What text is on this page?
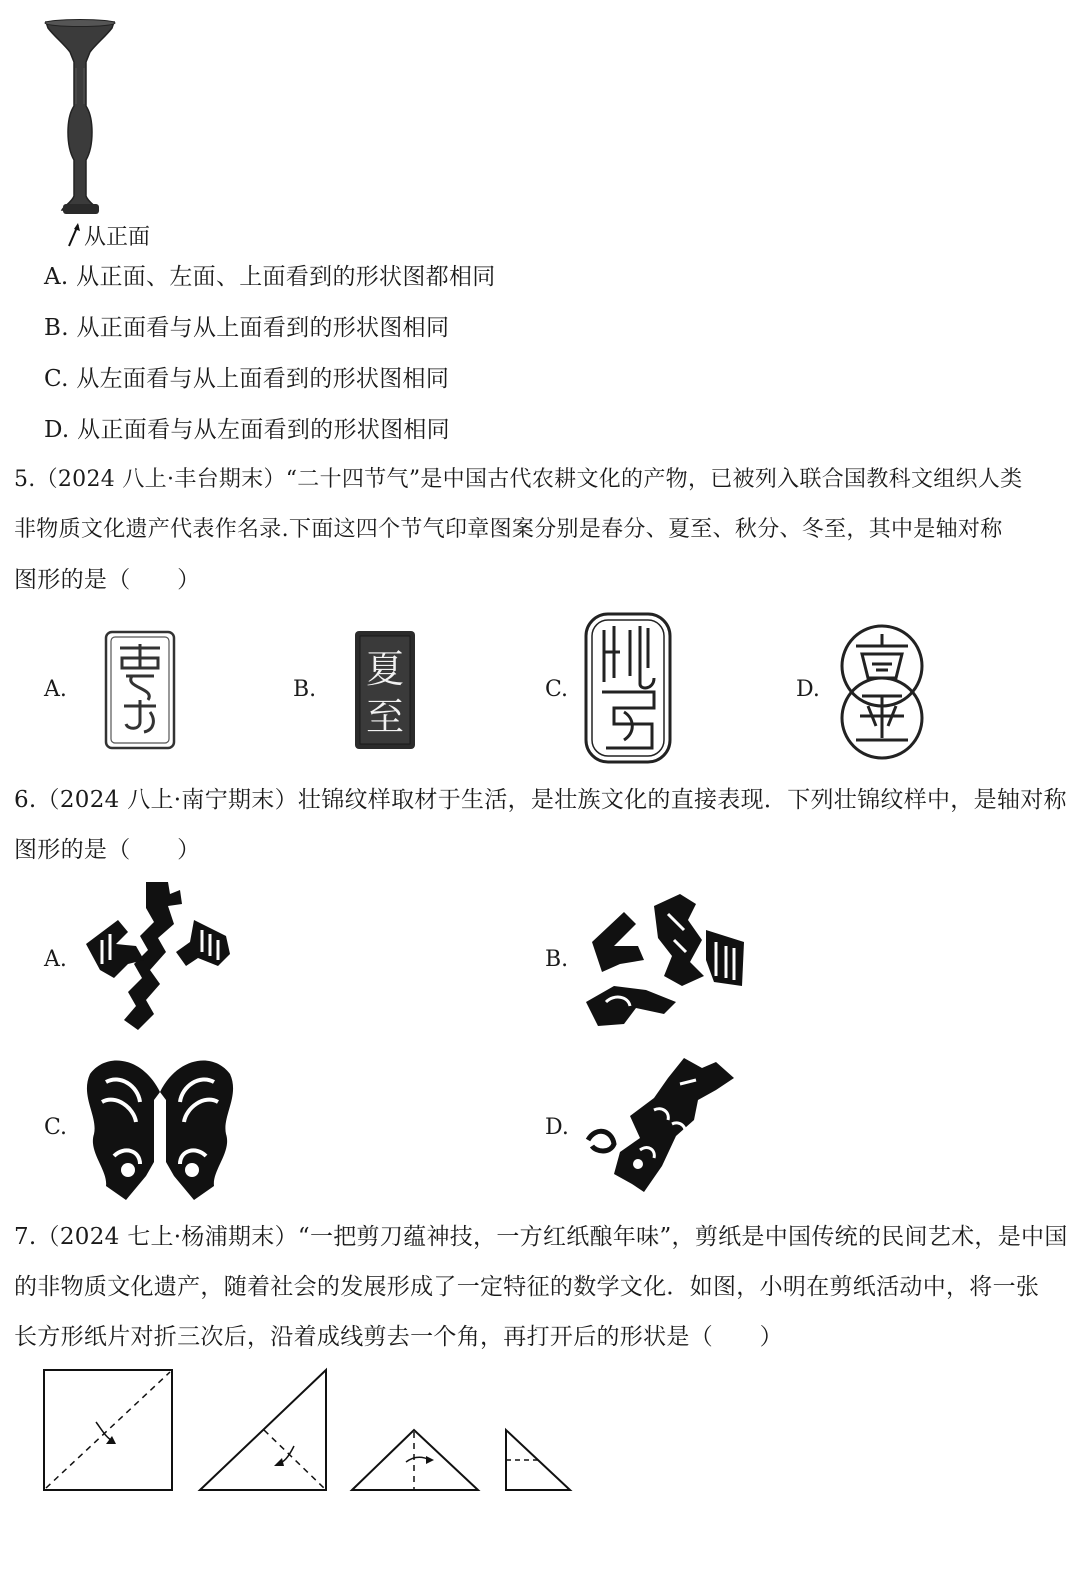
从正面
A. 从正面、左面、上面看到的形状图都相同
B. 从正面看与从上面看到的形状图相同
C. 从左面看与从上面看到的形状图相同
D. 从正面看与从左面看到的形状图相同
5.（2024 八上·丰台期末）“二十四节气”是中国古代农耕文化的产物，已被列入联合国教科文组织人类
非物质文化遗产代表作名录.下面这四个节气印章图案分别是春分、夏至、秋分、冬至，其中是轴对称
图形的是（　　）
A.	B. 夏
至
C.	D.
6.（2024 八上·南宁期末）壮锦纹样取材于生活，是壮族文化的直接表现．下列壮锦纹样中，是轴对称
图形的是（　　）
A.	B.
C.	D.
7.（2024 七上·杨浦期末）“一把剪刀蕴神技，一方红纸酿年味”，剪纸是中国传统的民间艺术，是中国
的非物质文化遗产，随着社会的发展形成了一定特征的数学文化．如图，小明在剪纸活动中，将一张
长方形纸片对折三次后，沿着成线剪去一个角，再打开后的形状是（　　）
